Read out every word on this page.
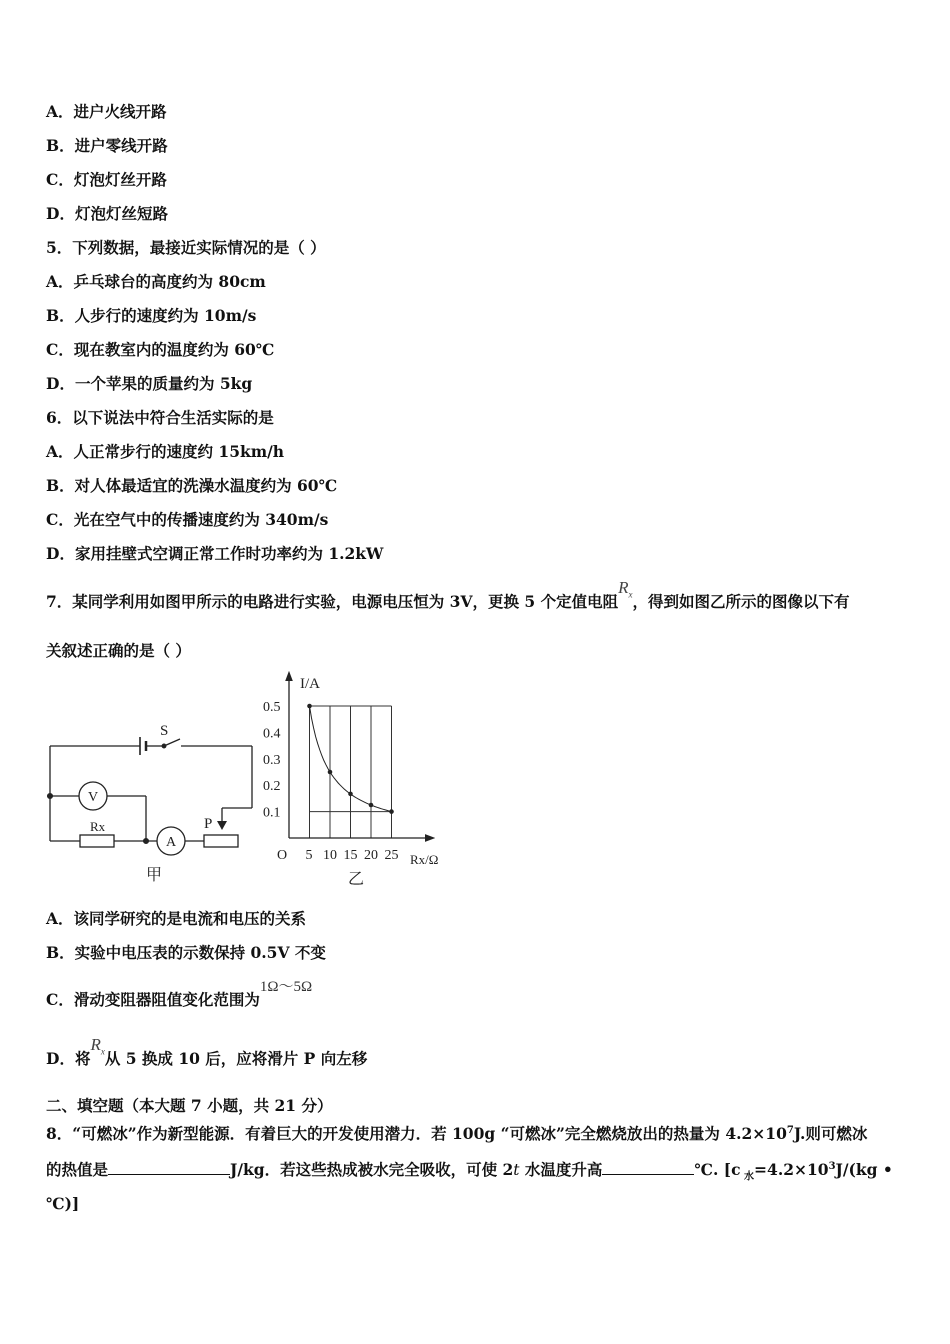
A．进户火线开路
B．进户零线开路
C．灯泡灯丝开路
D．灯泡灯丝短路
5．下列数据，最接近实际情况的是（ ）
A．乒乓球台的高度约为 80cm
B．人步行的速度约为 10m/s
C．现在教室内的温度约为 60℃
D．一个苹果的质量约为 5kg
6．以下说法中符合生活实际的是
A．人正常步行的速度约 15km/h
B．对人体最适宜的洗澡水温度约为 60℃
C．光在空气中的传播速度约为 340m/s
D．家用挂壁式空调正常工作时功率约为 1.2kW
7．某同学利用如图甲所示的电路进行实验，电源电压恒为 3V，更换 5 个定值电阻$R_x$，得到如图乙所示的图像以下有
关叙述正确的是（ ）
S
V
Rx
A
P
甲
0.5
0.4
0.3
0.2
0.1
5 10 15 20 25
I/A
Rx/Ω
O
乙
A．该同学研究的是电流和电压的关系
B．实验中电压表的示数保持 0.5V 不变
C．滑动变阻器阻值变化范围为1Ω～5Ω
D．将$R_x$从 5 换成 10 后，应将滑片 P 向左移
二、填空题（本大题 7 小题，共 21 分）
8．“可燃冰”作为新型能源．有着巨大的开发使用潜力．若 100g “可燃冰”完全燃烧放出的热量为 $4.2\times 10^7J$.则可燃冰
的热值是	J/kg．若这些热成被水完全吸收，可使 2t 水温度升高	℃. [c $_水=4.2\times 10^3J/(kg$ •
℃)]
